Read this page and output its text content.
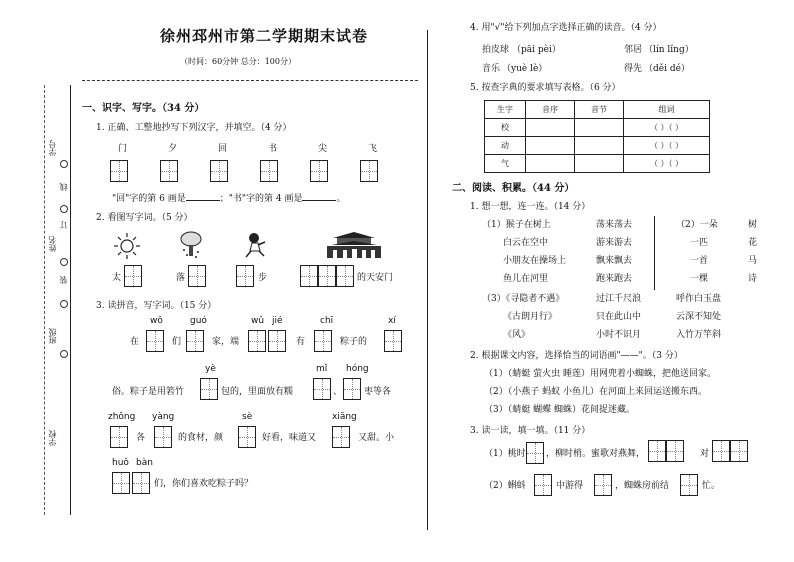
学号
线
订
姓名
装
班级
学校
徐州邳州市第二学期期末试卷
（时间：60分钟 总分：100分）
一、识字、写字。（34 分）
1. 正确、工整地抄写下列汉字，并填空。（4 分）
门	夕	回	书	尖	飞
"回"字的第 6 画是	；"书"字的第 4 画是	。
2. 看图写字词。（5 分）
太	落	步	的天安门
3. 读拼音，写字词。（15 分）
wǒ	guó	wǔ jié	chī	xí
在	们	家，端	有	粽子的
yè	mǐ hóng
俗。粽子是用箬竹	包的，里面放有糯	、 枣等各
zhǒng yàng	sè	xiāng
各	的食材，颜	好看，味道又	又甜。小
huǒ bàn
们，你们喜欢吃粽子吗？
4. 用"√"给下列加点字选择正确的读音。（4 分）
拍皮球 （pāi pèi）	邻居 （lín lǐng）
音乐 （yuè lè）	得先 （děi dé）
5. 按查字典的要求填写表格。（6 分）
生字	音序	音节	组词
校			（ ）（ ）
动			（ ）（ ）
气			（ ）（ ）
二、阅读、积累。（44 分）
1. 想一想，连一连。（14 分）
（1）猴子在树上
白云在空中
小朋友在操场上
鱼儿在河里
荡来荡去
游来游去
飘来飘去
跑来跑去
（2）一朵
一匹
一首
一棵
树
花
马
诗
（3）《寻隐者不遇》
《古朗月行》
《风》
过江千尺浪
只在此山中
小时不识月
呼作白玉盘
云深不知处
入竹万竿斜
2. 根据课文内容，选择恰当的词语画"——"。（3 分）
（1）（蜻蜓 萤火虫 睡莲）用网兜着小蜘蛛，把他送回家。
（2）（小燕子 蚂蚁 小鱼儿）在河面上来回运送搬东西。
（3）（蜻蜓 蝴蝶 蜘蛛）花间捉迷藏。
3. 读一读，填一填。（11 分）
（1）桃时 ，柳时梢。蜜歌对燕舞，	对
（2）蝌蚪	中游得	，蜘蛛房前结	忙。
